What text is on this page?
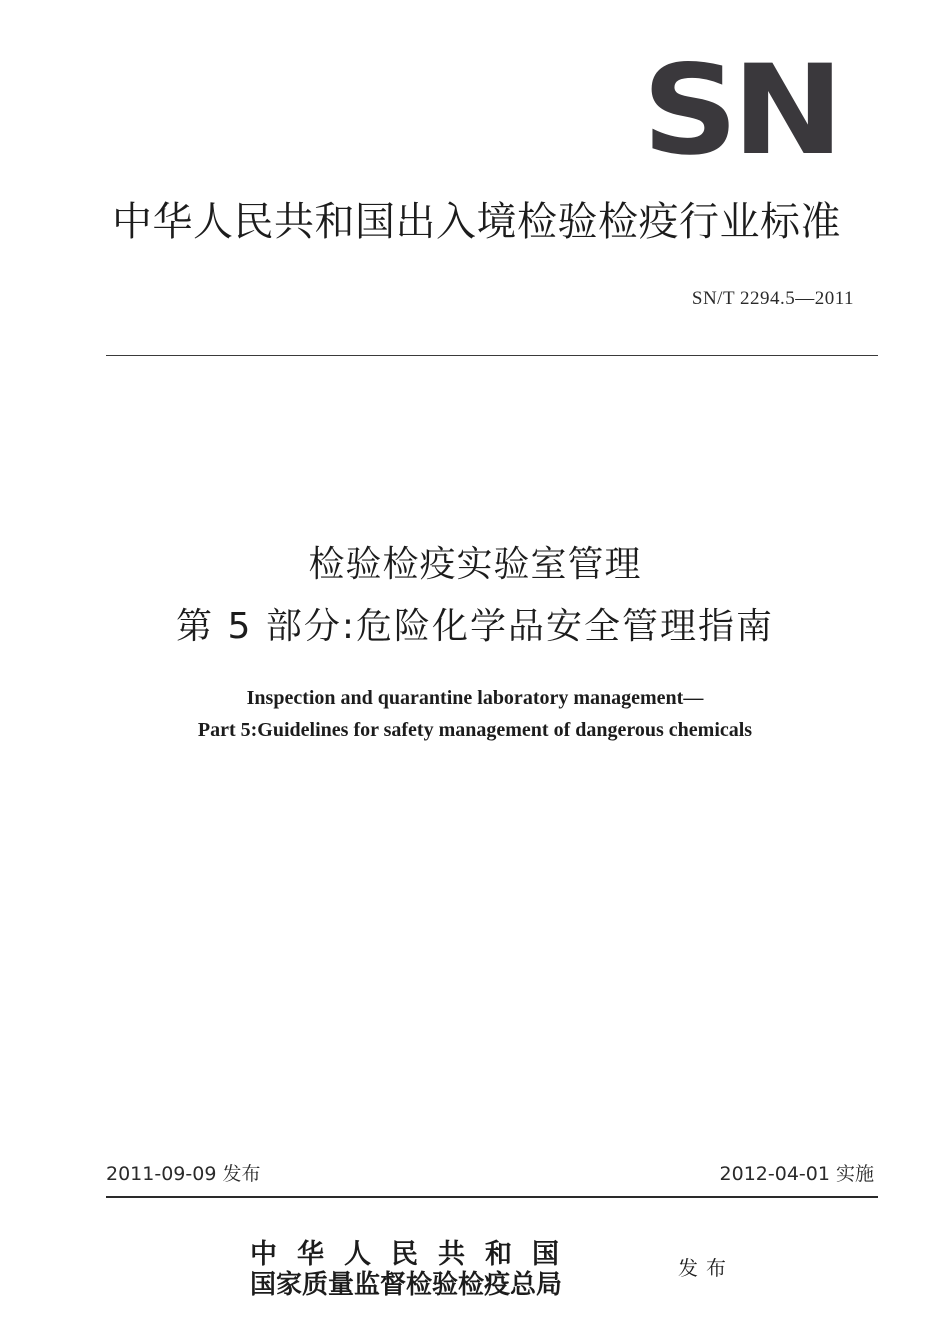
SN
中华人民共和国出入境检验检疫行业标准
SN/T 2294.5—2011
检验检疫实验室管理
第 5 部分:危险化学品安全管理指南
Inspection and quarantine laboratory management—
Part 5:Guidelines for safety management of dangerous chemicals
2011-09-09 发布	2012-04-01 实施
中华人民共和国
国家质量监督检验检疫总局
发布
